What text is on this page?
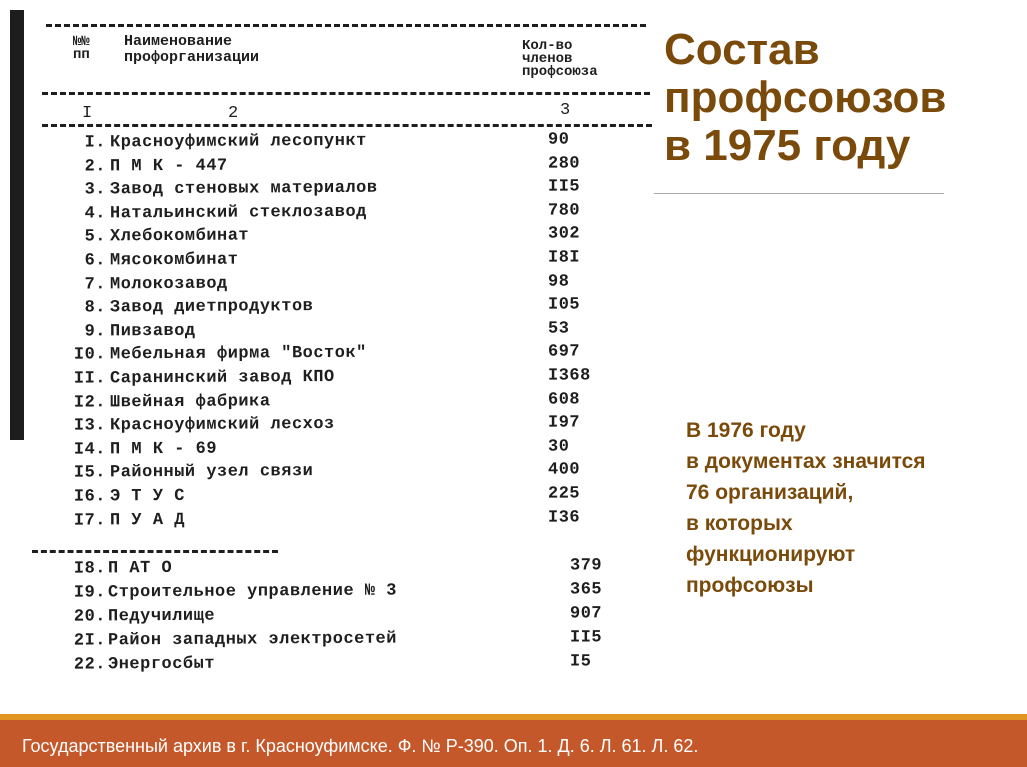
№№
пп
Наименование
профорганизации
Кол-во
членов
профсоюза
I	2	3
I. Красноуфимский лесопункт	90
2. П М К - 447	280
3. Завод стеновых материалов	II5
4. Натальинский стеклозавод	780
5. Хлебокомбинат	302
6. Мясокомбинат	I8I
7. Молокозавод	98
8. Завод диетпродуктов	I05
9. Пивзавод	53
I0. Мебельная фирма "Восток"	697
II. Саранинский завод КПО	I368
I2. Швейная фабрика	608
I3. Красноуфимский лесхоз	I97
I4. П М К - 69	30
I5. Районный узел связи	400
I6. Э Т У С	225
I7. П У А Д	I36
I8. П АТ О	379
I9. Строительное управление № 3	365
20. Педучилище	907
2I. Район западных электросетей	II5
22. Энергосбыт	I5
Состав
профсоюзов
в 1975 году
В 1976 году
в документах значится
76 организаций,
в которых
функционируют
профсоюзы
Государственный архив в г. Красноуфимске. Ф. № Р-390. Оп. 1. Д. 6. Л. 61. Л. 62.
